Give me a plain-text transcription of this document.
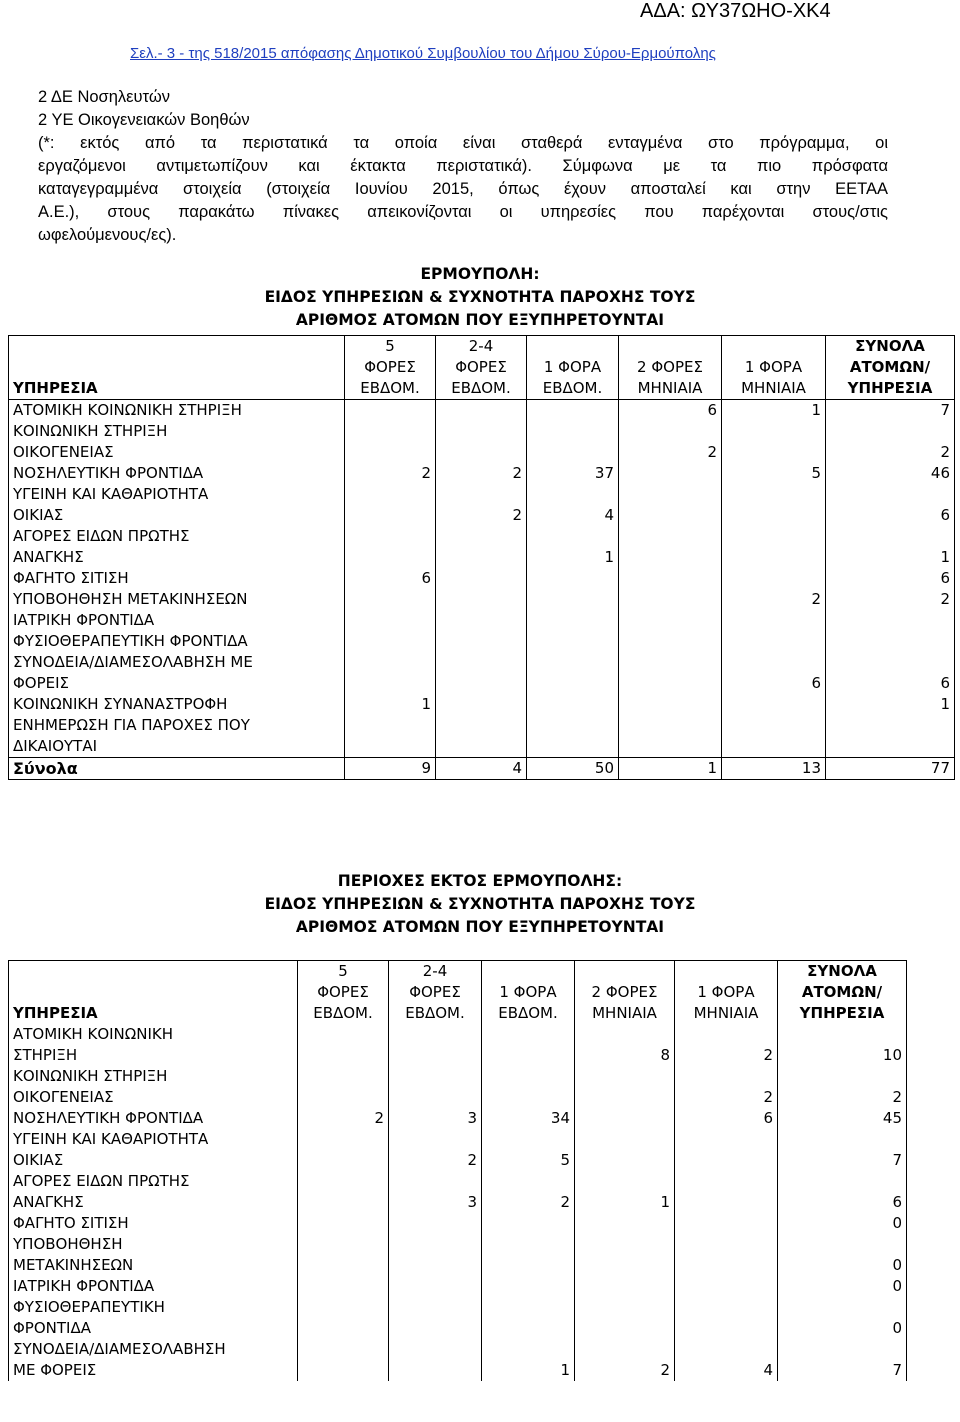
ΑΔΑ: ΩΥ37ΩΗΟ-ΧΚ4
Σελ.- 3 - της 518/2015 απόφασης Δημοτικού Συμβουλίου του Δήμου Σύρου-Ερμούπολης
2 ΔΕ Νοσηλευτών
2 ΥΕ Οικογενειακών Βοηθών
(*: εκτός από τα περιστατικά τα οποία είναι σταθερά ενταγμένα στο πρόγραμμα, οι
εργαζόμενοι αντιμετωπίζουν και έκτακτα περιστατικά). Σύμφωνα με τα πιο πρόσφατα
καταγεγραμμένα στοιχεία (στοιχεία Ιουνίου 2015, όπως έχουν αποσταλεί και στην ΕΕΤΑΑ
Α.Ε.), στους παρακάτω πίνακες απεικονίζονται οι υπηρεσίες που παρέχονται στους/στις
ωφελούμενους/ες).
ΕΡΜΟΥΠΟΛΗ:
ΕΙΔΟΣ ΥΠΗΡΕΣΙΩΝ & ΣΥΧΝΟΤΗΤΑ ΠΑΡΟΧΗΣ ΤΟΥΣ
ΑΡΙΘΜΟΣ ΑΤΟΜΩΝ ΠΟΥ ΕΞΥΠΗΡΕΤΟΥΝΤΑΙ
ΥΠΗΡΕΣΙΑ	5
ΦΟΡΕΣ
ΕΒΔΟΜ.	2-4
ΦΟΡΕΣ
ΕΒΔΟΜ.	1 ΦΟΡΑ
ΕΒΔΟΜ.	2 ΦΟΡΕΣ
ΜΗΝΙΑΙΑ	1 ΦΟΡΑ
ΜΗΝΙΑΙΑ	ΣΥΝΟΛΑ
ΑΤΟΜΩΝ/
ΥΠΗΡΕΣΙΑ
ΑΤΟΜΙΚΗ ΚΟΙΝΩΝΙΚΗ ΣΤΗΡΙΞΗ				6	1	7
ΚΟΙΝΩΝΙΚΗ ΣΤΗΡΙΞΗ
ΟΙΚΟΓΕΝΕΙΑΣ				2		2
ΝΟΣΗΛΕΥΤΙΚΗ ΦΡΟΝΤΙΔΑ	2	2	37		5	46
ΥΓΕΙΝΗ ΚΑΙ ΚΑΘΑΡΙΟΤΗΤΑ
ΟΙΚΙΑΣ		2	4			6
ΑΓΟΡΕΣ ΕΙΔΩΝ ΠΡΩΤΗΣ
ΑΝΑΓΚΗΣ			1			1
ΦΑΓΗΤΟ ΣΙΤΙΣΗ	6					6
ΥΠΟΒΟΗΘΗΣΗ ΜΕΤΑΚΙΝΗΣΕΩΝ					2	2
ΙΑΤΡΙΚΗ ΦΡΟΝΤΙΔΑ						
ΦΥΣΙΟΘΕΡΑΠΕΥΤΙΚΗ ΦΡΟΝΤΙΔΑ						
ΣΥΝΟΔΕΙΑ/ΔΙΑΜΕΣΟΛΑΒΗΣΗ ΜΕ
ΦΟΡΕΙΣ					6	6
ΚΟΙΝΩΝΙΚΗ ΣΥΝΑΝΑΣΤΡΟΦΗ	1					1
ΕΝΗΜΕΡΩΣΗ ΓΙΑ ΠΑΡΟΧΕΣ ΠΟΥ
ΔΙΚΑΙΟΥΤΑΙ						
Σύνολα	9	4	50	1	13	77
ΠΕΡΙΟΧΕΣ ΕΚΤΟΣ ΕΡΜΟΥΠΟΛΗΣ:
ΕΙΔΟΣ ΥΠΗΡΕΣΙΩΝ & ΣΥΧΝΟΤΗΤΑ ΠΑΡΟΧΗΣ ΤΟΥΣ
ΑΡΙΘΜΟΣ ΑΤΟΜΩΝ ΠΟΥ ΕΞΥΠΗΡΕΤΟΥΝΤΑΙ
ΥΠΗΡΕΣΙΑ	5
ΦΟΡΕΣ
ΕΒΔΟΜ.	2-4
ΦΟΡΕΣ
ΕΒΔΟΜ.	1 ΦΟΡΑ
ΕΒΔΟΜ.	2 ΦΟΡΕΣ
ΜΗΝΙΑΙΑ	1 ΦΟΡΑ
ΜΗΝΙΑΙΑ	ΣΥΝΟΛΑ
ΑΤΟΜΩΝ/
ΥΠΗΡΕΣΙΑ
ΑΤΟΜΙΚΗ ΚΟΙΝΩΝΙΚΗ
ΣΤΗΡΙΞΗ				8	2	10
ΚΟΙΝΩΝΙΚΗ ΣΤΗΡΙΞΗ
ΟΙΚΟΓΕΝΕΙΑΣ					2	2
ΝΟΣΗΛΕΥΤΙΚΗ ΦΡΟΝΤΙΔΑ	2	3	34		6	45
ΥΓΕΙΝΗ ΚΑΙ ΚΑΘΑΡΙΟΤΗΤΑ
ΟΙΚΙΑΣ		2	5			7
ΑΓΟΡΕΣ ΕΙΔΩΝ ΠΡΩΤΗΣ
ΑΝΑΓΚΗΣ		3	2	1		6
ΦΑΓΗΤΟ ΣΙΤΙΣΗ						0
ΥΠΟΒΟΗΘΗΣΗ
ΜΕΤΑΚΙΝΗΣΕΩΝ						0
ΙΑΤΡΙΚΗ ΦΡΟΝΤΙΔΑ						0
ΦΥΣΙΟΘΕΡΑΠΕΥΤΙΚΗ
ΦΡΟΝΤΙΔΑ						0
ΣΥΝΟΔΕΙΑ/ΔΙΑΜΕΣΟΛΑΒΗΣΗ
ΜΕ ΦΟΡΕΙΣ			1	2	4	7
